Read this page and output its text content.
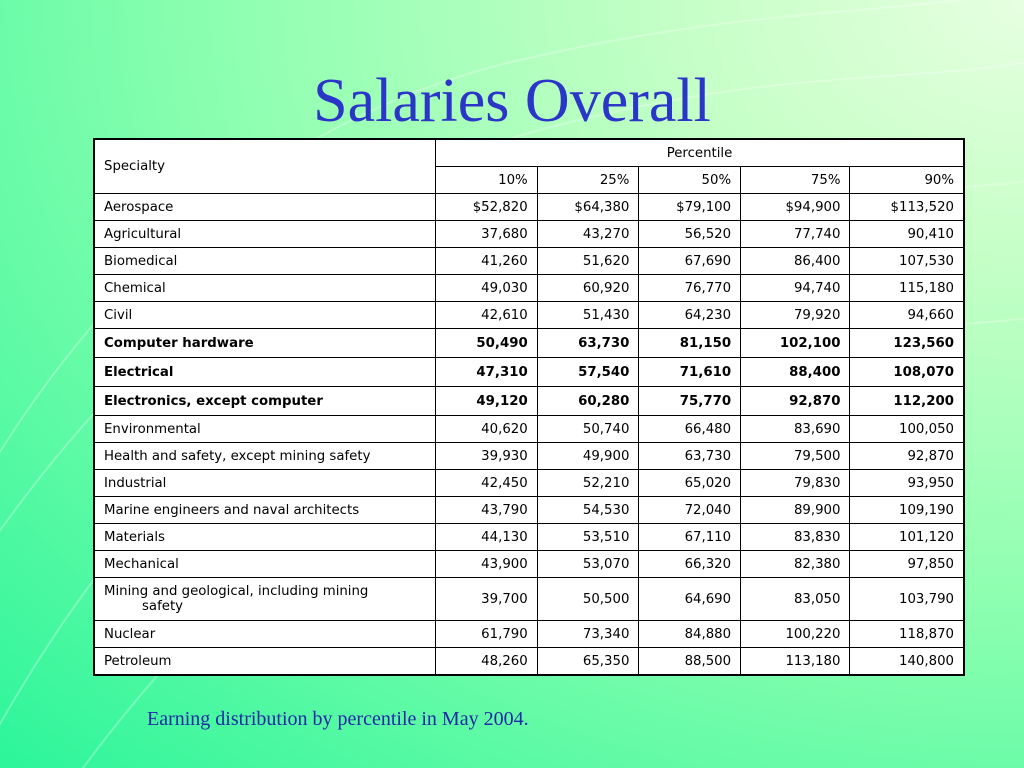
Salaries Overall
Specialty	Percentile				
	10%	25%	50%	75%	90%
Aerospace	$52,820	$64,380	$79,100	$94,900	$113,520
Agricultural	37,680	43,270	56,520	77,740	90,410
Biomedical	41,260	51,620	67,690	86,400	107,530
Chemical	49,030	60,920	76,770	94,740	115,180
Civil	42,610	51,430	64,230	79,920	94,660
Computer hardware	50,490	63,730	81,150	102,100	123,560
Electrical	47,310	57,540	71,610	88,400	108,070
Electronics, except computer	49,120	60,280	75,770	92,870	112,200
Environmental	40,620	50,740	66,480	83,690	100,050
Health and safety, except mining safety	39,930	49,900	63,730	79,500	92,870
Industrial	42,450	52,210	65,020	79,830	93,950
Marine engineers and naval architects	43,790	54,530	72,040	89,900	109,190
Materials	44,130	53,510	67,110	83,830	101,120
Mechanical	43,900	53,070	66,320	82,380	97,850
Mining and geological, including mining
safety	39,700	50,500	64,690	83,050	103,790
Nuclear	61,790	73,340	84,880	100,220	118,870
Petroleum	48,260	65,350	88,500	113,180	140,800
Earning distribution by percentile in May 2004.
